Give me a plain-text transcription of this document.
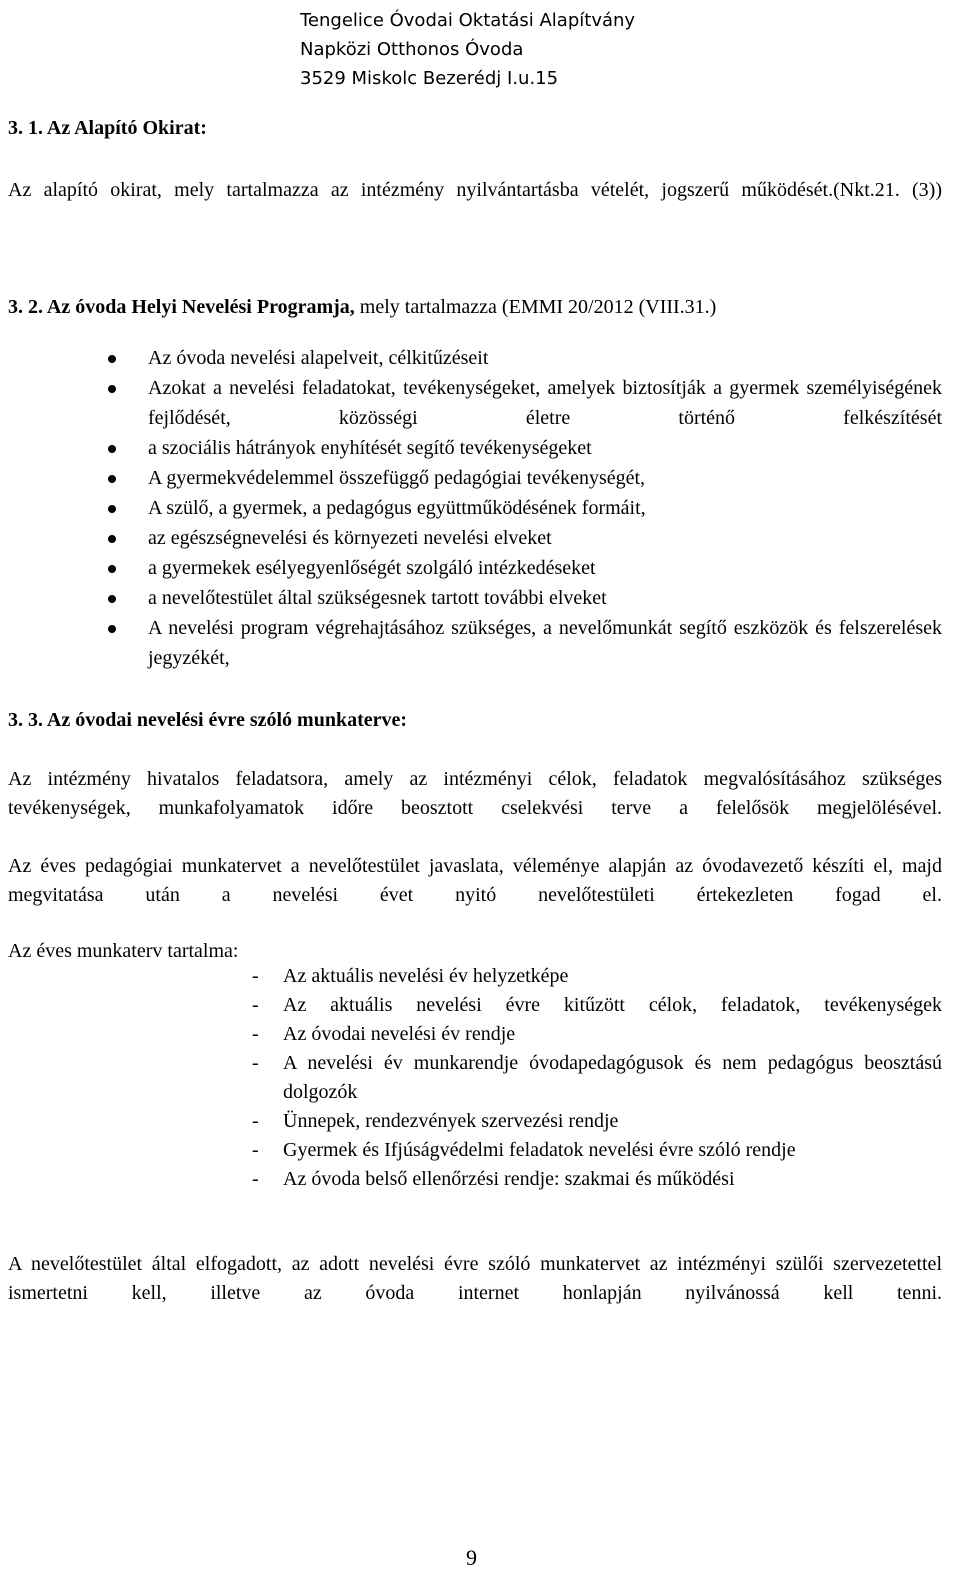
Tengelice Óvodai Oktatási Alapítvány
Napközi Otthonos Óvoda
3529 Miskolc Bezerédj I.u.15
3. 1. Az Alapító Okirat:
Az alapító okirat, mely tartalmazza az intézmény nyilvántartásba vételét, jogszerű működését.(Nkt.21. (3))
3. 2. Az óvoda Helyi Nevelési Programja, mely tartalmazza (EMMI 20/2012 (VIII.31.)
Az óvoda nevelési alapelveit, célkitűzéseit
Azokat a nevelési feladatokat, tevékenységeket, amelyek biztosítják a gyermek személyiségének fejlődését, közösségi életre történő felkészítését
a szociális hátrányok enyhítését segítő tevékenységeket
A gyermekvédelemmel összefüggő pedagógiai tevékenységét,
A szülő, a gyermek, a pedagógus együttműködésének formáit,
az egészségnevelési és környezeti nevelési elveket
a gyermekek esélyegyenlőségét szolgáló intézkedéseket
a nevelőtestület által szükségesnek tartott további elveket
A nevelési program végrehajtásához szükséges, a nevelőmunkát segítő eszközök és felszerelések jegyzékét,
3. 3. Az óvodai nevelési évre szóló munkaterve:
Az intézmény hivatalos feladatsora, amely az intézményi célok, feladatok megvalósításához szükséges tevékenységek, munkafolyamatok időre beosztott cselekvési terve a felelősök megjelölésével.
Az éves pedagógiai munkatervet a nevelőtestület javaslata, véleménye alapján az óvodavezető készíti el, majd megvitatása után a nevelési évet nyitó nevelőtestületi értekezleten fogad el.
Az éves munkaterv tartalma:
- Az aktuális nevelési év helyzetképe
- Az aktuális nevelési évre kitűzött célok, feladatok, tevékenységek
- Az óvodai nevelési év rendje
- A nevelési év munkarendje óvodapedagógusok és nem pedagógus beosztású dolgozók
- Ünnepek, rendezvények szervezési rendje
- Gyermek és Ifjúságvédelmi feladatok nevelési évre szóló rendje
- Az óvoda belső ellenőrzési rendje: szakmai és működési
A nevelőtestület által elfogadott, az adott nevelési évre szóló munkatervet az intézményi szülői szervezetettel ismertetni kell, illetve az óvoda internet honlapján nyilvánossá kell tenni.
9
